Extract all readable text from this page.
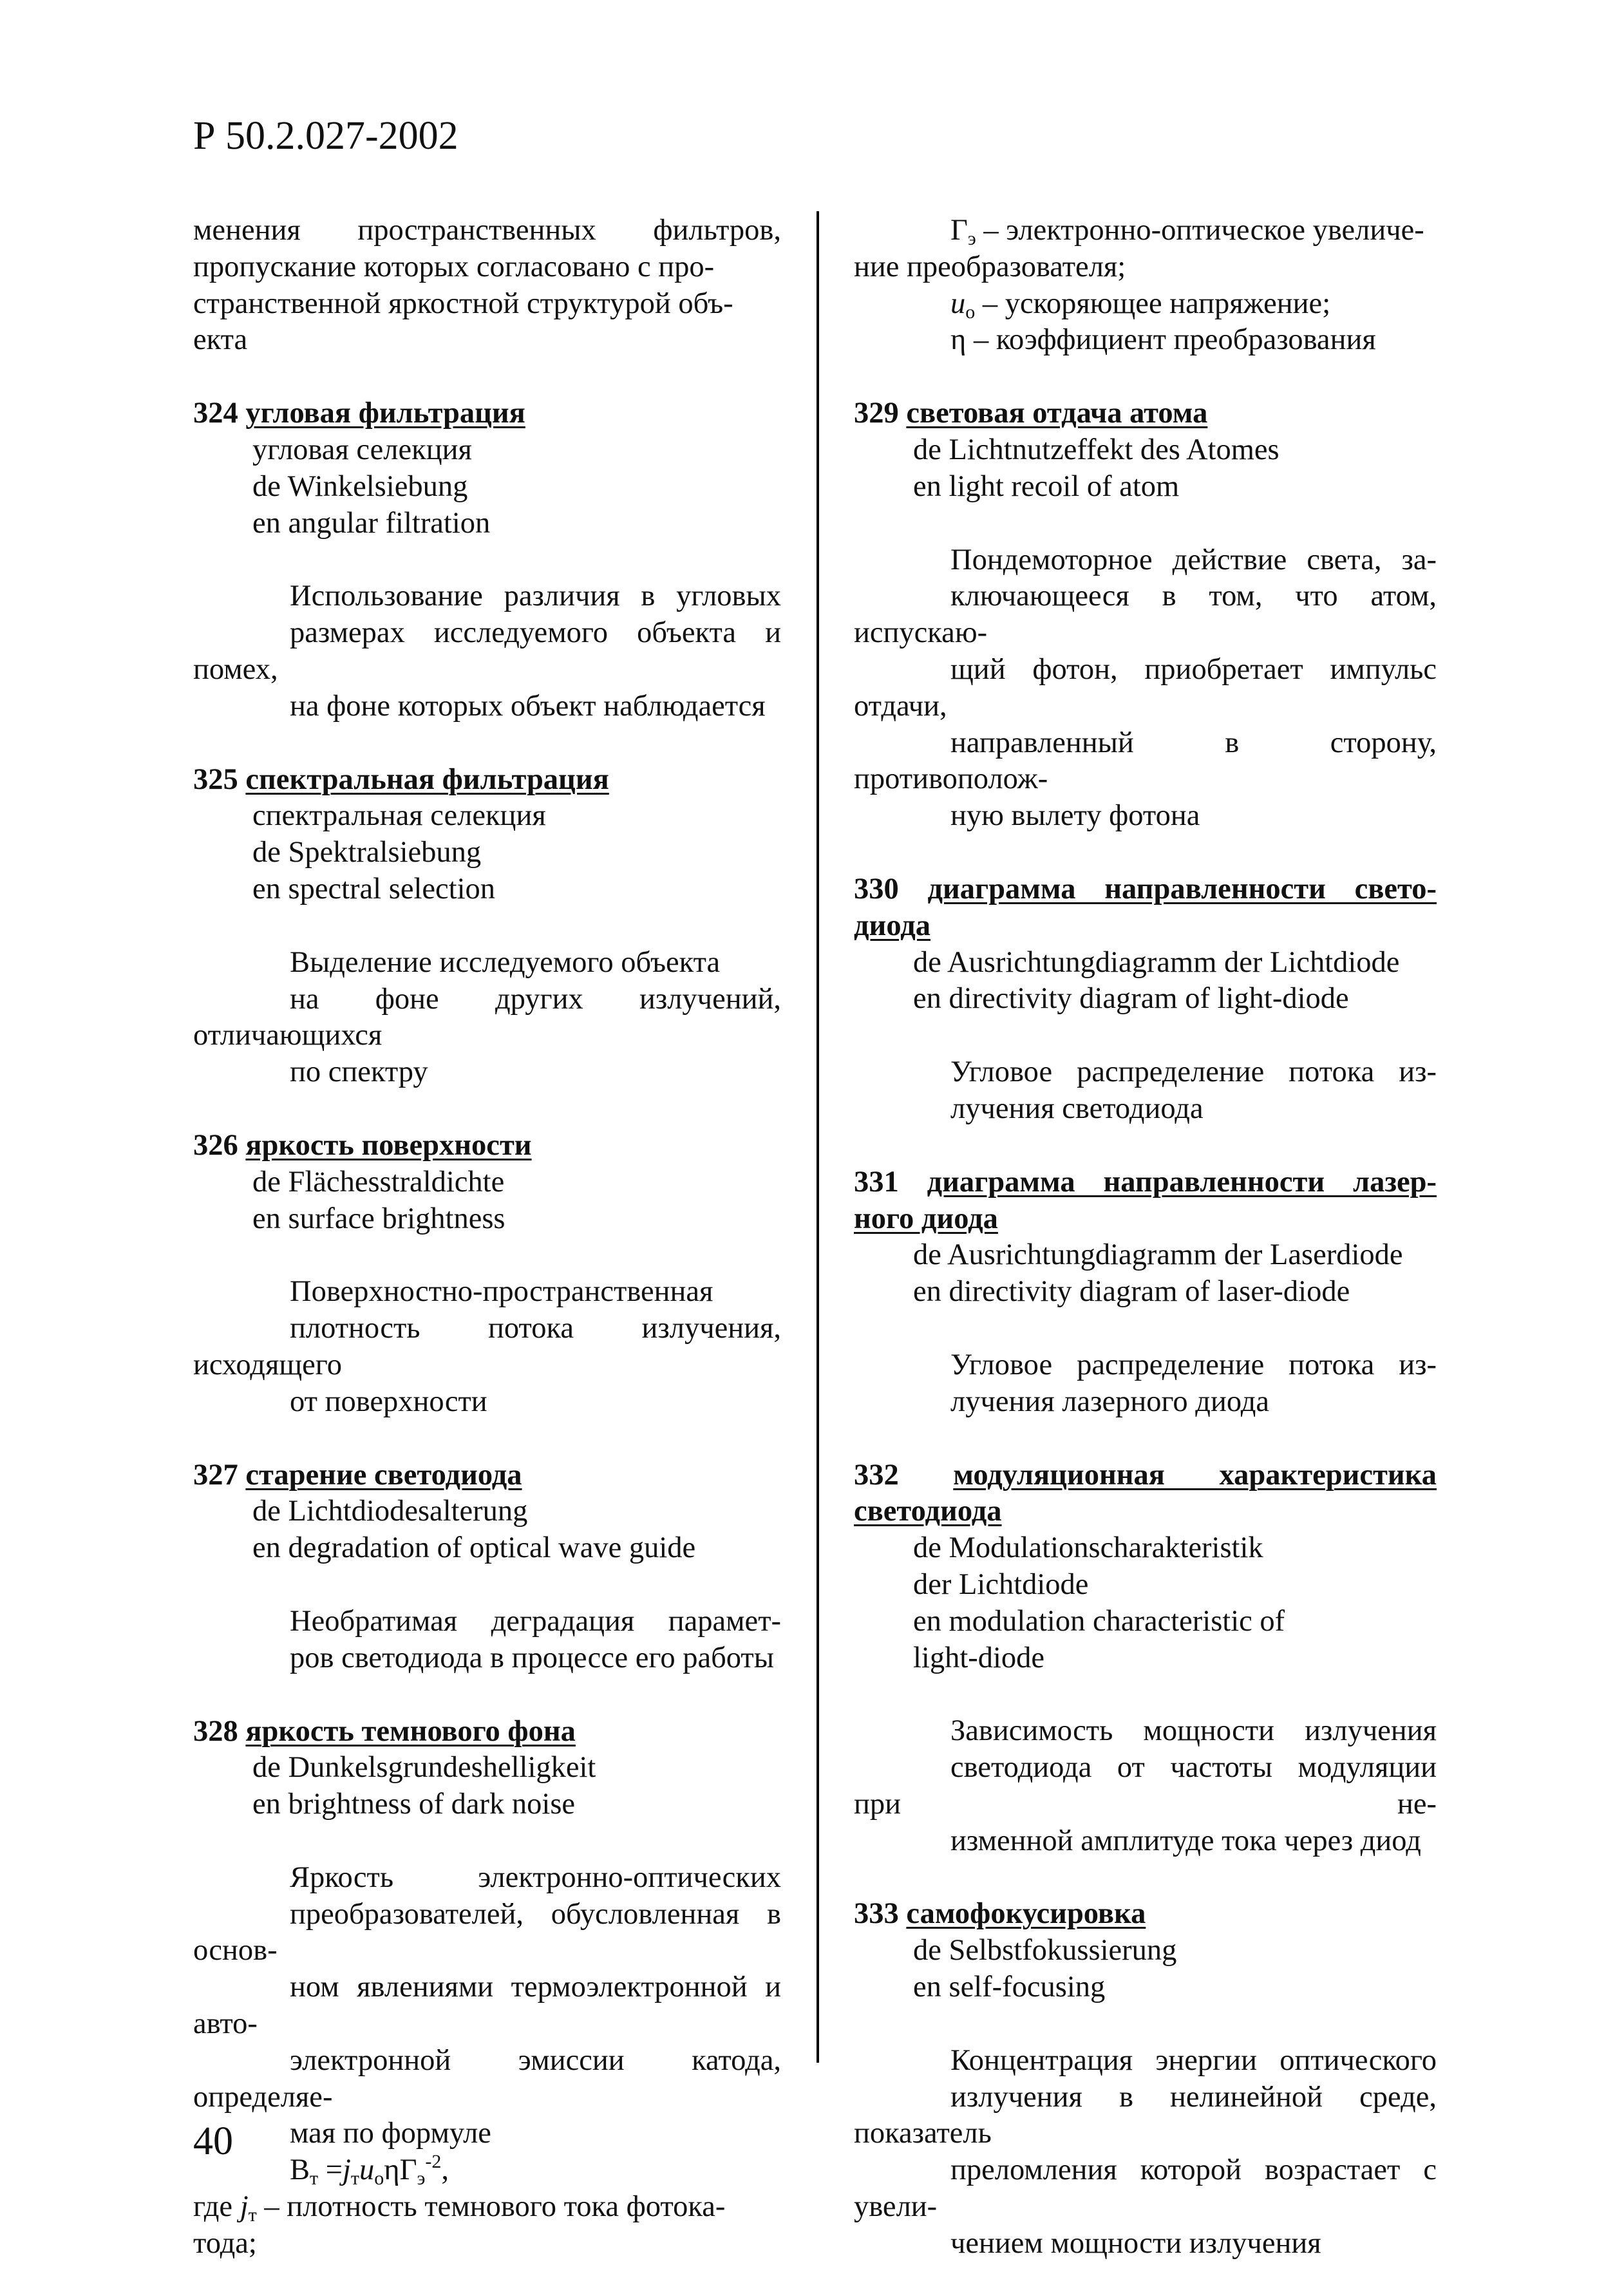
Р 50.2.027-2002
менения пространственных фильтров,
пропускание которых согласовано с про-
странственной яркостной структурой объ-
екта
324 угловая фильтрация
угловая селекция
de Winkelsiebung
en angular filtration
Использование различия в угловых
размерах исследуемого объекта и помех,
на фоне которых объект наблюдается
325 спектральная фильтрация
спектральная селекция
de Spektralsiebung
en spectral selection
Выделение исследуемого объекта
на фоне других излучений, отличающихся
по спектру
326 яркость поверхности
de Flächesstraldichte
en surface brightness
Поверхностно-пространственная
плотность потока излучения, исходящего
от поверхности
327 старение светодиода
de Lichtdiodesalterung
en degradation of optical wave guide
Необратимая деградация парамет-
ров светодиода в процессе его работы
328 яркость темнового фона
de Dunkelsgrundeshelligkeit
en brightness of dark noise
Яркость электронно-оптических
преобразователей, обусловленная в основ-
ном явлениями термоэлектронной и авто-
электронной эмиссии катода, определяе-
мая по формуле
$В_т =j_тu_о\eta Г_э^{-2}$,
где $j_т$ – плотность темнового тока фотока-
тода;
$Г_э$ – электронно-оптическое увеличе-
ние преобразователя;
$u_о$ – ускоряющее напряжение;
η – коэффициент преобразования
329 световая отдача атома
de Lichtnutzeffekt des Atomes
en light recoil of atom
Пондемоторное действие света, за-
ключающееся в том, что атом, испускаю-
щий фотон, приобретает импульс отдачи,
направленный в сторону, противополож-
ную вылету фотона
330 диаграмма направленности свето-
диода
de Ausrichtungdiagramm der Lichtdiode
en directivity diagram of light-diode
Угловое распределение потока из-
лучения светодиода
331 диаграмма направленности лазер-
ного диода
de Ausrichtungdiagramm der Laserdiode
en directivity diagram of laser-diode
Угловое распределение потока из-
лучения лазерного диода
332 модуляционная характеристика
светодиода
de Modulationscharakteristik
der Lichtdiode
en modulation characteristic of
light-diode
Зависимость мощности излучения
светодиода от частоты модуляции при не-
изменной амплитуде тока через диод
333 самофокусировка
de Selbstfokussierung
en self-focusing
Концентрация энергии оптического
излучения в нелинейной среде, показатель
преломления которой возрастает с увели-
чением мощности излучения
40
